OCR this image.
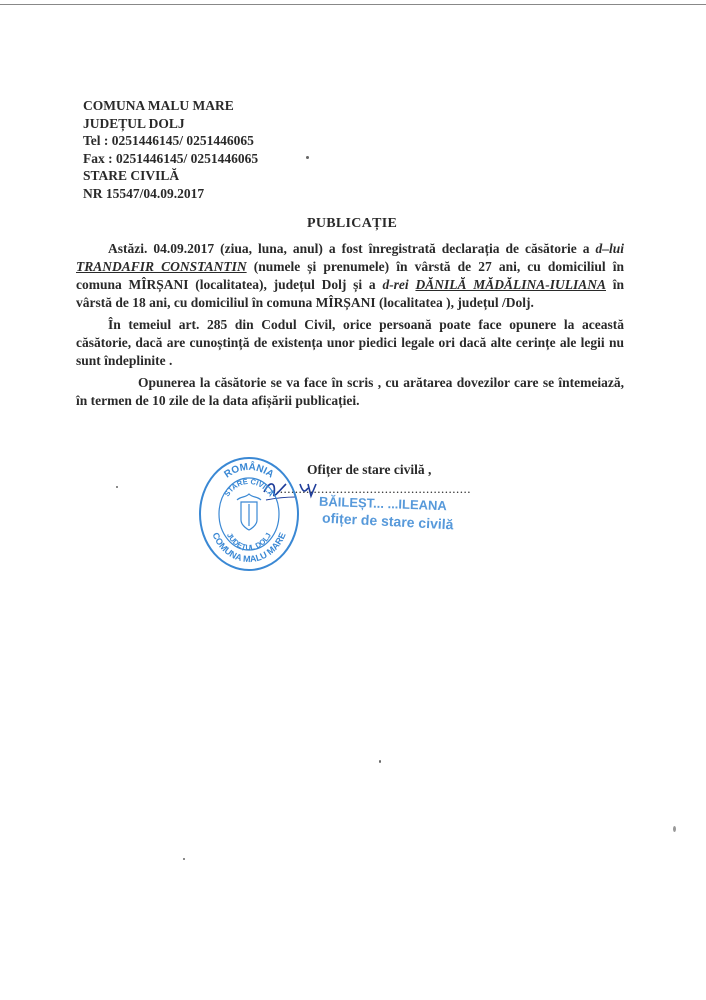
COMUNA MALU MARE
JUDEȚUL DOLJ
Tel : 0251446145/ 0251446065
Fax : 0251446145/ 0251446065
STARE CIVILĂ
NR 15547/04.09.2017
PUBLICAȚIE

Astăzi. 04.09.2017 (ziua, luna, anul) a fost înregistrată declarația de căsătorie a d–lui TRANDAFIR CONSTANTIN (numele și prenumele) în vârstă de 27 ani, cu domiciliul în comuna MÎRȘANI (localitatea), județul Dolj și a d-rei DĂNILĂ MĂDĂLINA-IULIANA în vârstă de 18 ani, cu domiciliul în comuna MÎRȘANI (localitatea ), județul /Dolj.

În temeiul art. 285 din Codul Civil, orice persoană poate face opunere la această căsătorie, dacă are cunoștință de existența unor piedici legale ori dacă alte cerințe ale legii nu sunt îndeplinite .

Opunerea la căsătorie se va face în scris , cu arătarea dovezilor care se întemeiază, în termen de 10 zile de la data afișării publicației.

Ofițer de stare civilă ,
....................................................
ROMÂNIA
COMUNA MALU MARE
STARE CIVILĂ
JUDEȚUL DOLJ
BĂILEȘT... ...ILEANA
ofițer de stare civilă
